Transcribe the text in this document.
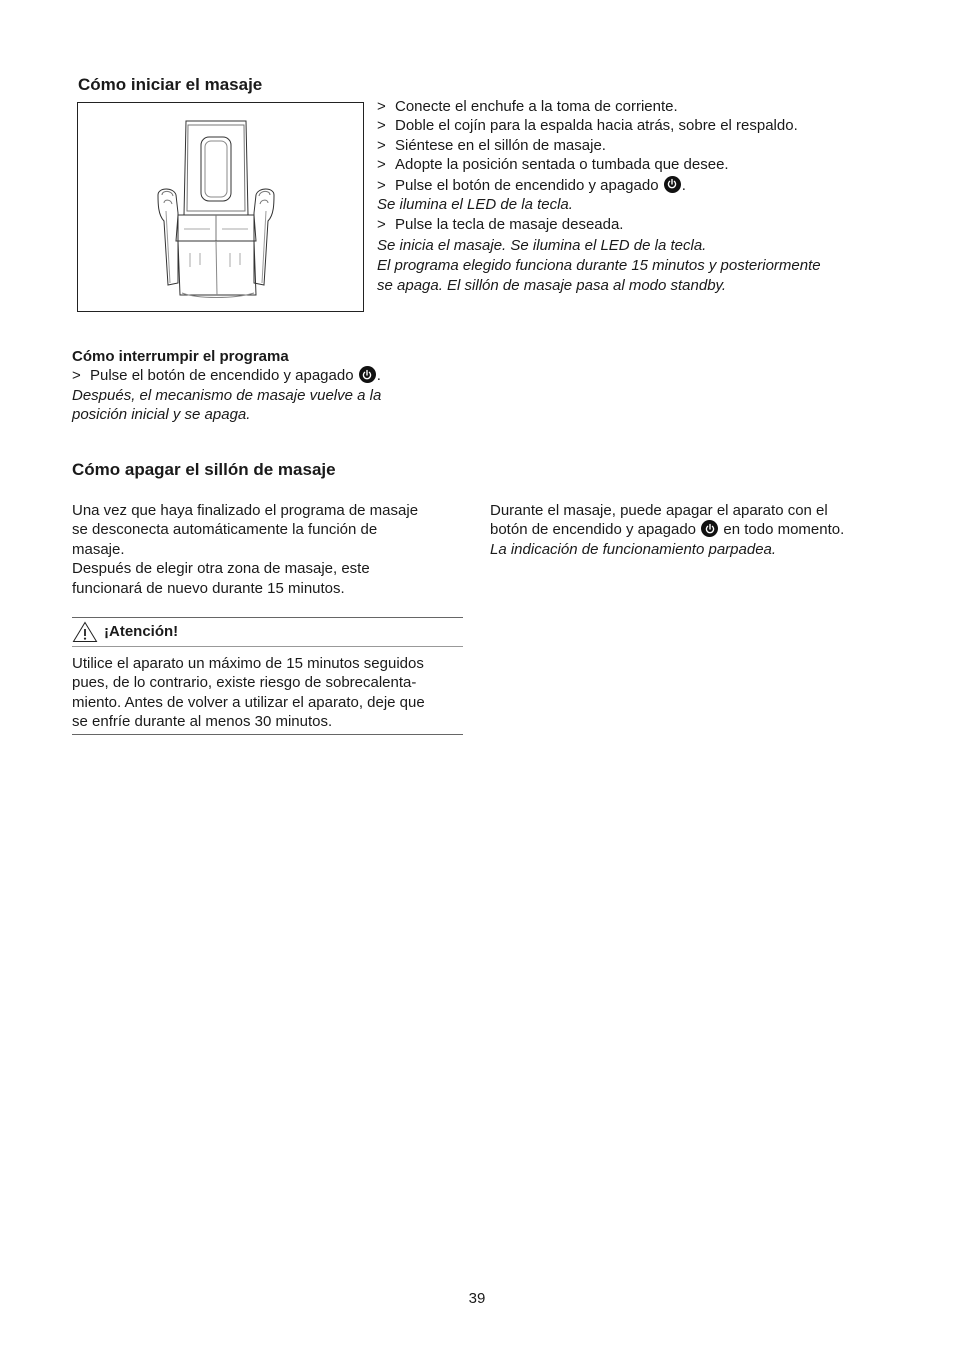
Cómo iniciar el masaje
> Conecte el enchufe a la toma de corriente.
> Doble el cojín para la espalda hacia atrás, sobre el respaldo.
> Siéntese en el sillón de masaje.
> Adopte la posición sentada o tumbada que desee.
> Pulse el botón de encendido y apagado .
Se ilumina el LED de la tecla.
> Pulse la tecla de masaje deseada.
Se inicia el masaje. Se ilumina el LED de la tecla.
El programa elegido funciona durante 15 minutos y posteriormente
se apaga. El sillón de masaje pasa al modo standby.
Cómo interrumpir el programa
> Pulse el botón de encendido y apagado .
Después, el mecanismo de masaje vuelve a la
posición inicial y se apaga.
Cómo apagar el sillón de masaje
Una vez que haya finalizado el programa de masaje
se desconecta automáticamente la función de
masaje.
Después de elegir otra zona de masaje, este
funcionará de nuevo durante 15 minutos.
Durante el masaje, puede apagar el aparato con el
botón de encendido y apagado en todo momento.
La indicación de funcionamiento parpadea.
¡Atención!
Utilice el aparato un máximo de 15 minutos seguidos
pues, de lo contrario, existe riesgo de sobrecalenta-
miento. Antes de volver a utilizar el aparato, deje que
se enfríe durante al menos 30 minutos.
39
